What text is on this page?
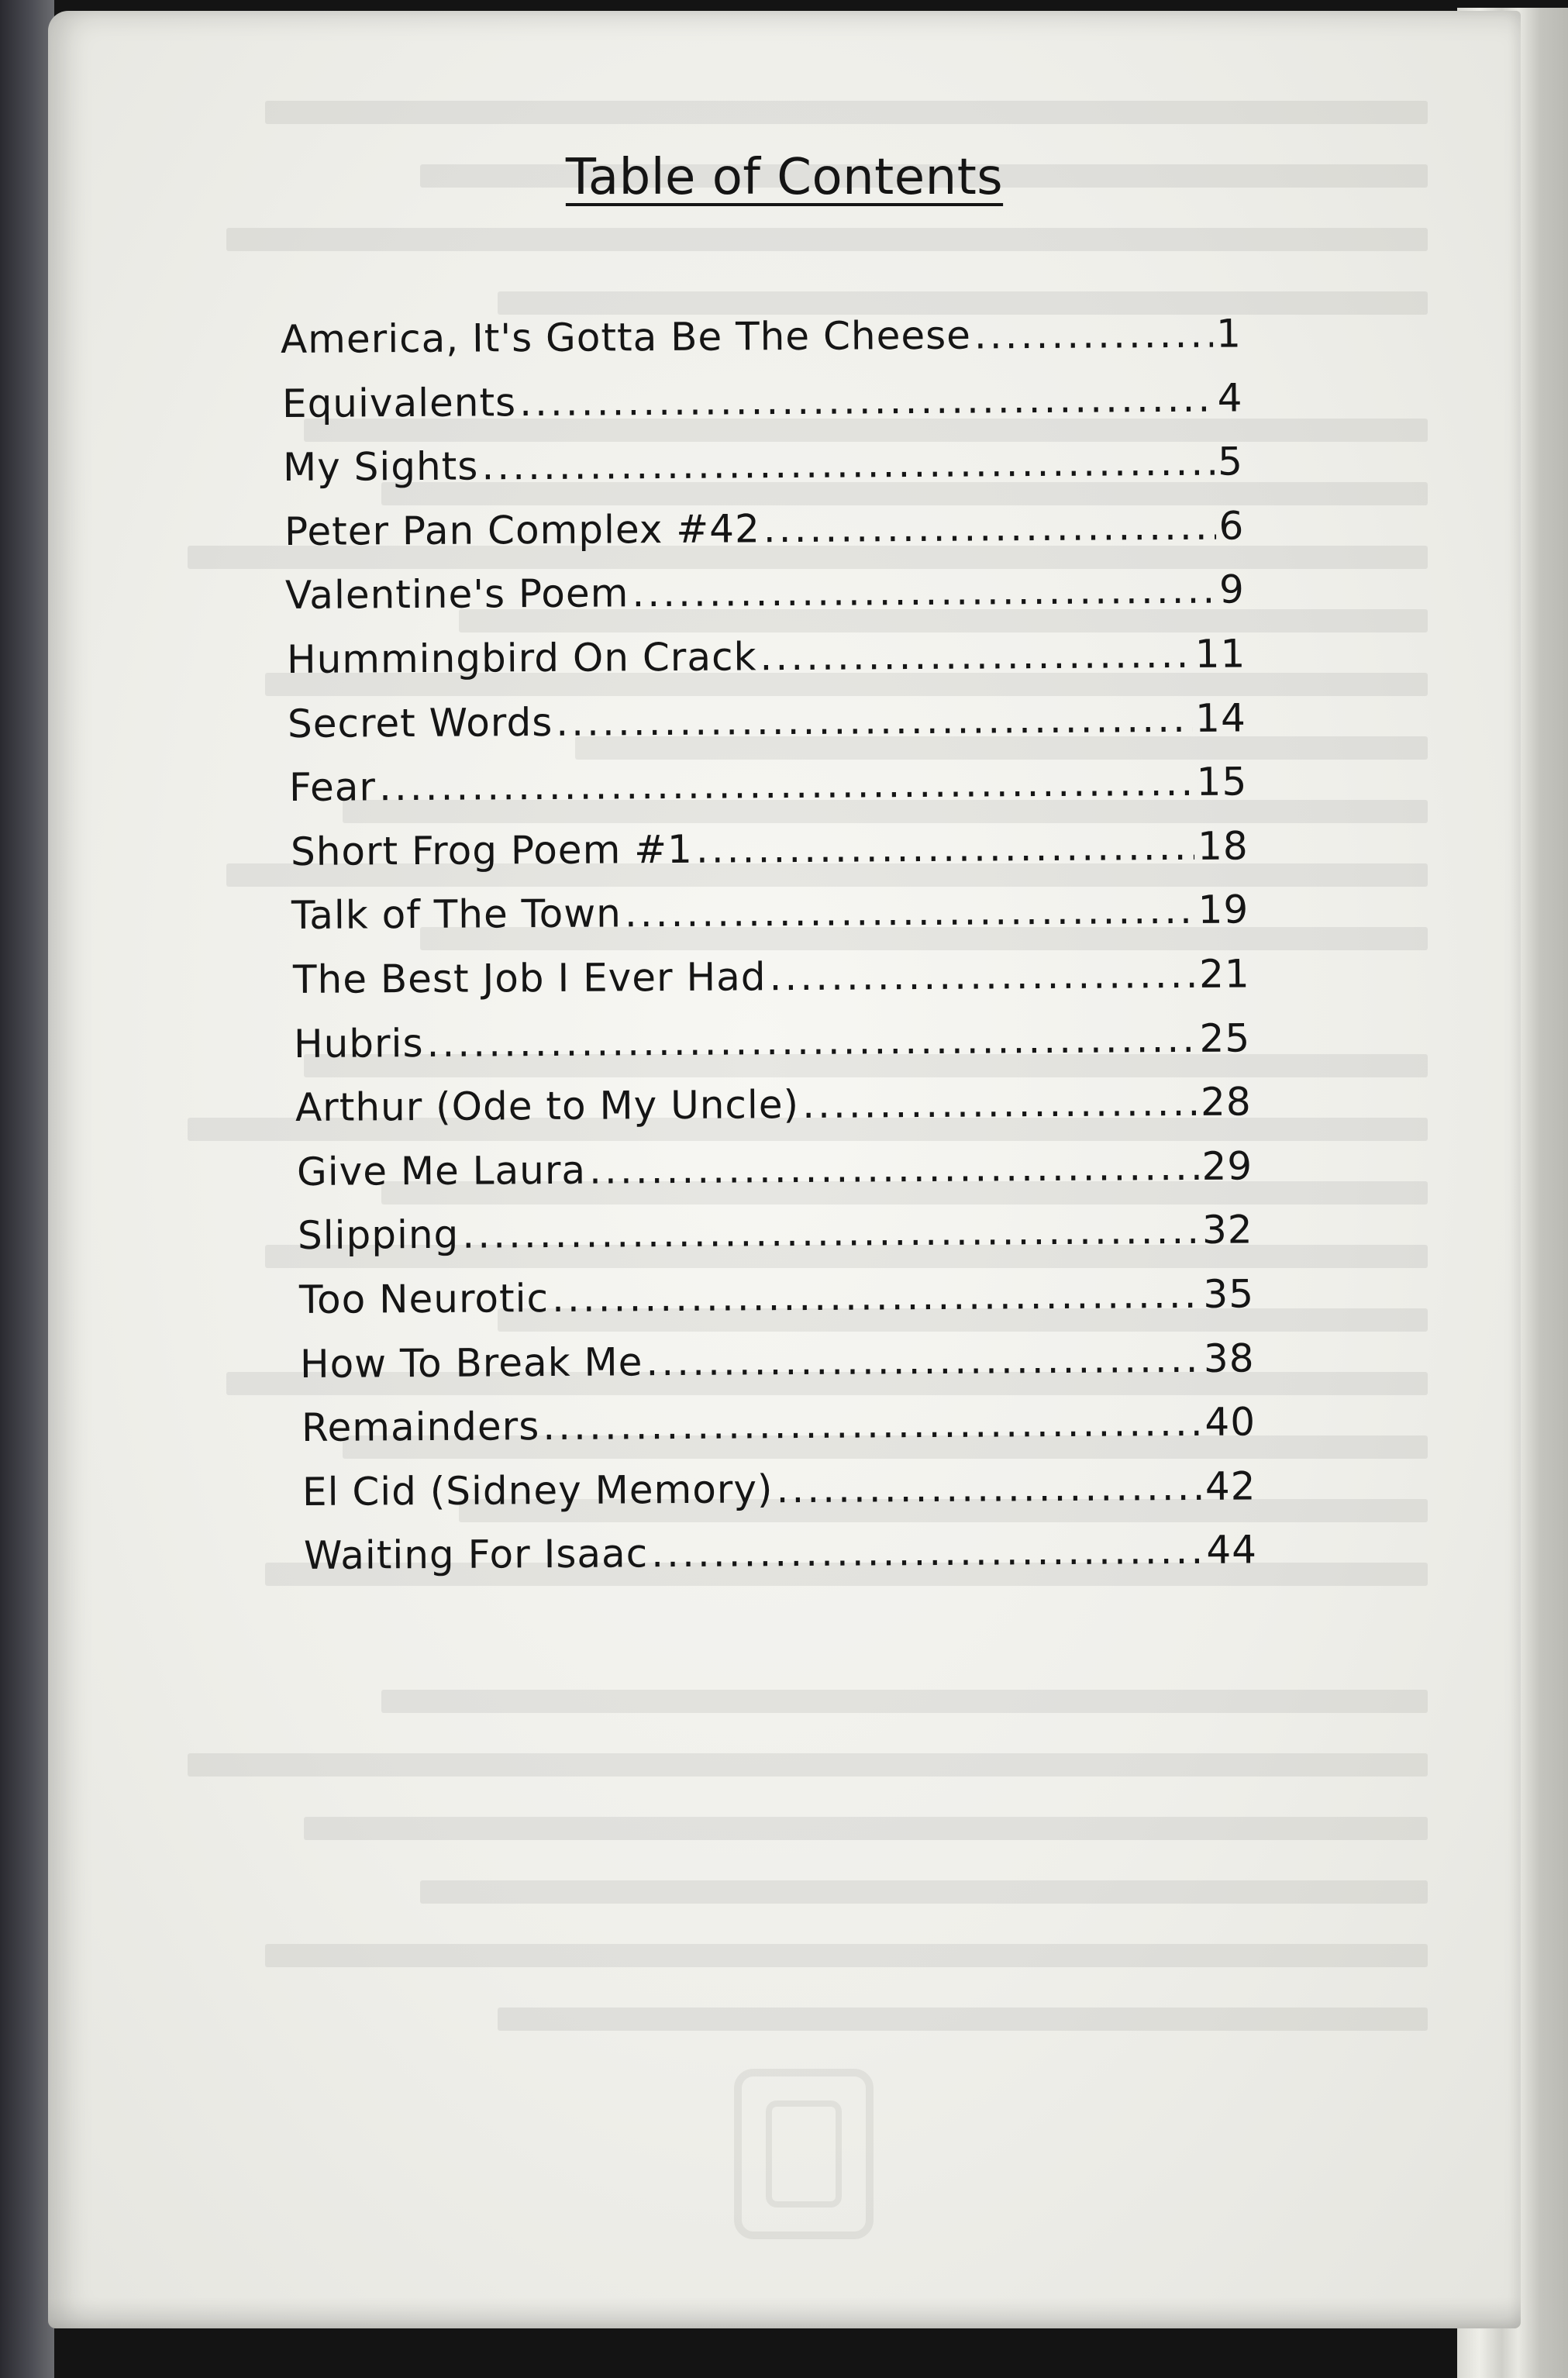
Table of Contents
America, It's Gotta Be The Cheese .....	1
Equivalents .....	4
My Sights .....	5
Peter Pan Complex #42 .....	6
Valentine's Poem .....	9
Hummingbird On Crack .....	11
Secret Words .....	14
Fear .....	15
Short Frog Poem #1 .....	18
Talk of The Town .....	19
The Best Job I Ever Had .....	21
Hubris .....	25
Arthur (Ode to My Uncle) .....	28
Give Me Laura .....	29
Slipping .....	32
Too Neurotic .....	35
How To Break Me .....	38
Remainders .....	40
El Cid (Sidney Memory) .....	42
Waiting For Isaac .....	44
